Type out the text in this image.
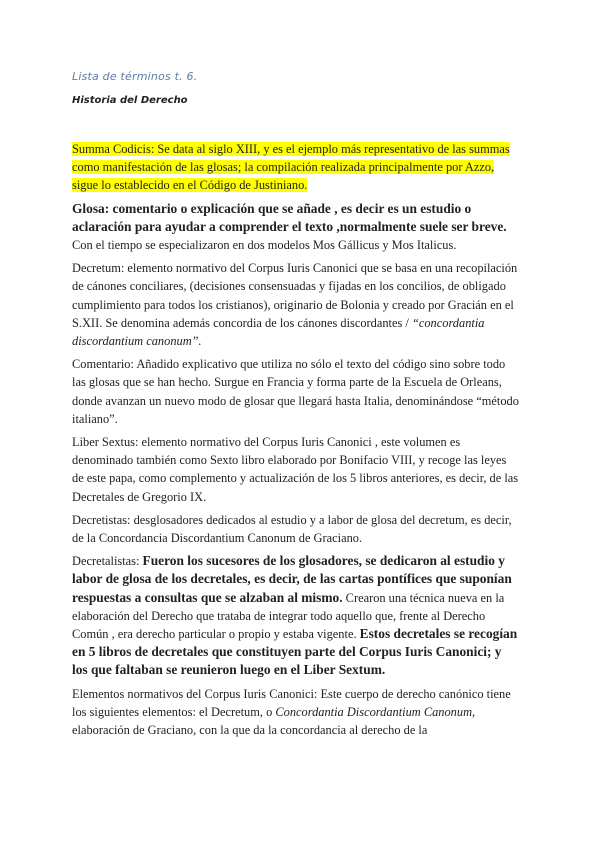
Lista de términos t. 6.
Historia del Derecho

Summa Codicis: Se data al siglo XIII, y es el ejemplo más representativo de las summas como manifestación de las glosas; la compilación realizada principalmente por Azzo, sigue lo establecido en el Código de Justiniano.

Glosa: comentario o explicación que se añade , es decir es un estudio o aclaración para ayudar a comprender el texto ,normalmente suele ser breve. Con el tiempo se especializaron en dos modelos Mos Gállicus y Mos Italicus.

Decretum: elemento normativo del Corpus Iuris Canonici que se basa en una recopilación de cánones conciliares, (decisiones consensuadas y fijadas en los concilios, de obligado cumplimiento para todos los cristianos), originario de Bolonia y creado por Gracián en el S.XII. Se denomina además concordia de los cánones discordantes / “concordantia discordantium canonum”.

Comentario: Añadido explicativo que utiliza no sólo el texto del código sino sobre todo las glosas que se han hecho. Surgue en Francia y forma parte de la Escuela de Orleans, donde avanzan un nuevo modo de glosar que llegará hasta Italia, denominándose “método italiano”.

Liber Sextus: elemento normativo del Corpus Iuris Canonici , este volumen es denominado también como Sexto libro elaborado por Bonifacio VIII, y recoge las leyes de este papa, como complemento y actualización de los 5 libros anteriores, es decir, de las Decretales de Gregorio IX.

Decretistas: desglosadores dedicados al estudio y a labor de glosa del decretum, es decir, de la Concordancia Discordantium Canonum de Graciano.

Decretalistas: Fueron los sucesores de los glosadores, se dedicaron al estudio y labor de glosa de los decretales, es decir, de las cartas pontífices que suponían respuestas a consultas que se alzaban al mismo. Crearon una técnica nueva en la elaboración del Derecho que trataba de integrar todo aquello que, frente al Derecho Común , era derecho particular o propio y estaba vigente. Estos decretales se recogían en 5 libros de decretales que constituyen parte del Corpus Iuris Canonici; y los que faltaban se reunieron luego en el Liber Sextum.

Elementos normativos del Corpus Iuris Canonici: Este cuerpo de derecho canónico tiene los siguientes elementos: el Decretum, o Concordantia Discordantium Canonum, elaboración de Graciano, con la que da la concordancia al derecho de la
